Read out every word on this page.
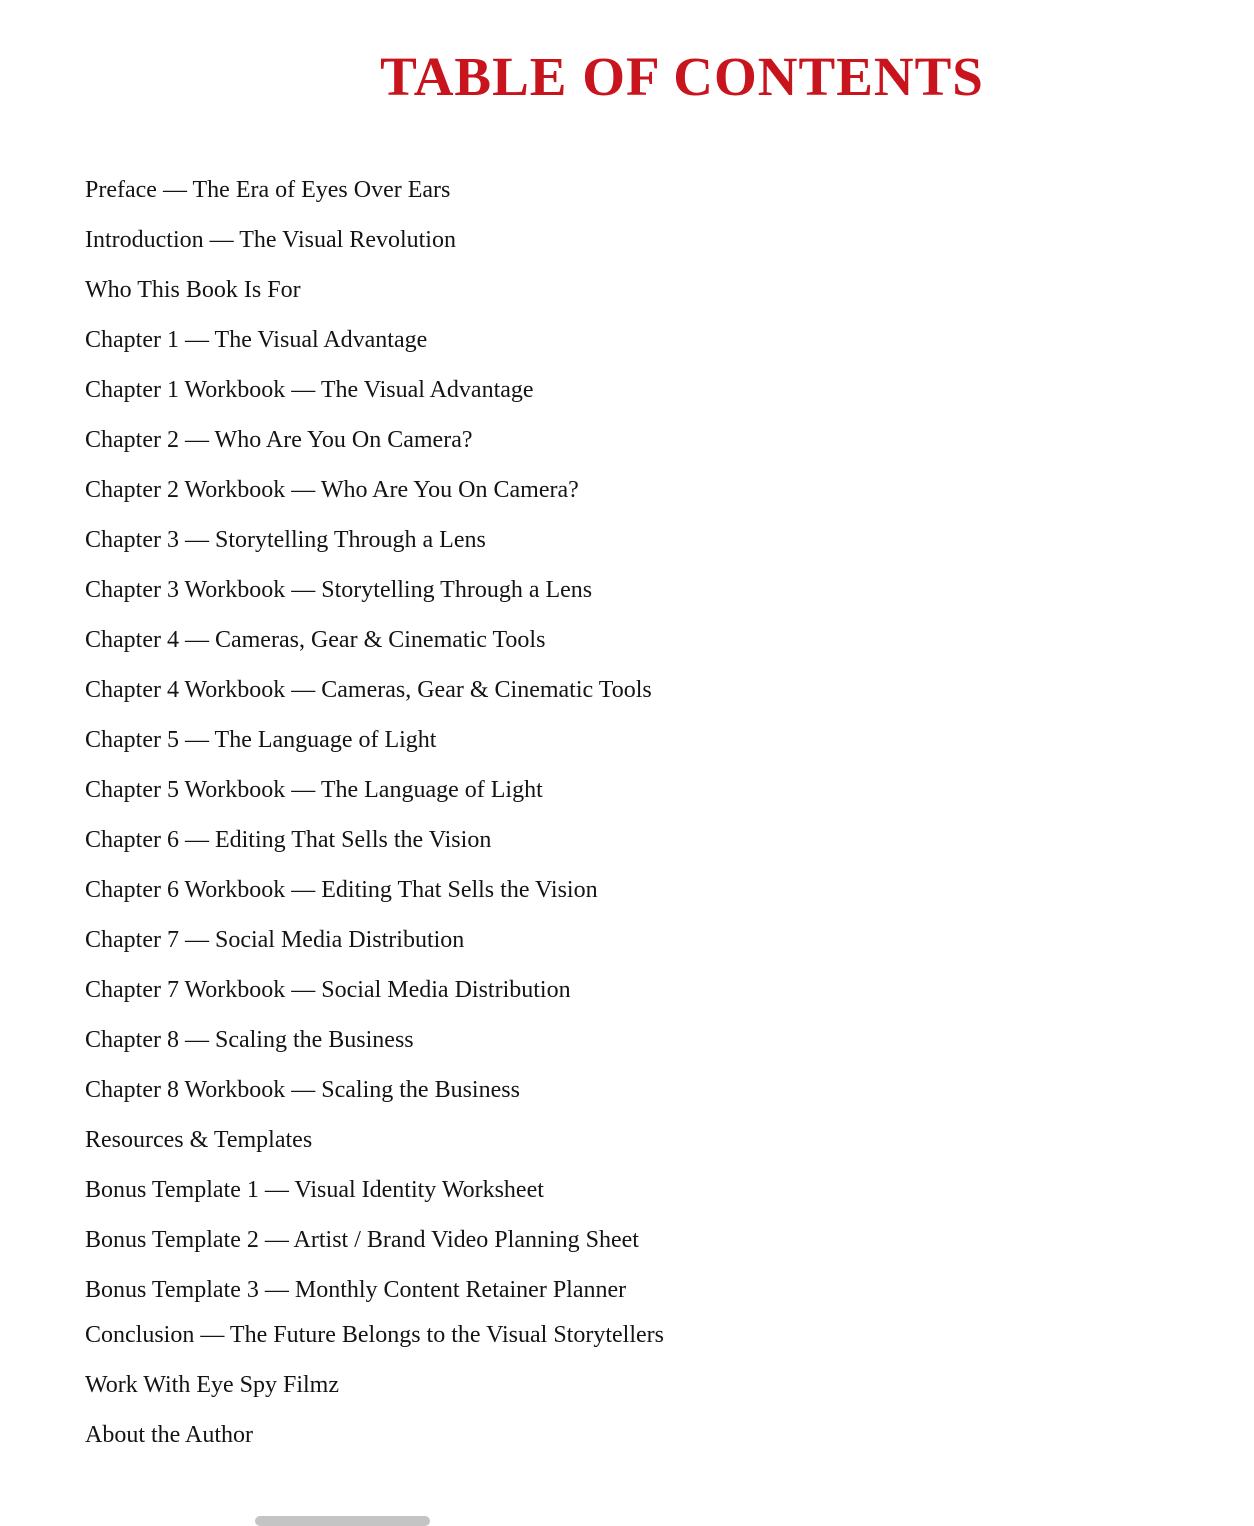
TABLE OF CONTENTS
Preface — The Era of Eyes Over Ears
Introduction — The Visual Revolution
Who This Book Is For
Chapter 1 — The Visual Advantage
Chapter 1 Workbook — The Visual Advantage
Chapter 2 — Who Are You On Camera?
Chapter 2 Workbook — Who Are You On Camera?
Chapter 3 — Storytelling Through a Lens
Chapter 3 Workbook — Storytelling Through a Lens
Chapter 4 — Cameras, Gear & Cinematic Tools
Chapter 4 Workbook — Cameras, Gear & Cinematic Tools
Chapter 5 — The Language of Light
Chapter 5 Workbook — The Language of Light
Chapter 6 — Editing That Sells the Vision
Chapter 6 Workbook — Editing That Sells the Vision
Chapter 7 — Social Media Distribution
Chapter 7 Workbook — Social Media Distribution
Chapter 8 — Scaling the Business
Chapter 8 Workbook — Scaling the Business
Resources & Templates
Bonus Template 1 — Visual Identity Worksheet
Bonus Template 2 — Artist / Brand Video Planning Sheet
Bonus Template 3 — Monthly Content Retainer Planner
Conclusion — The Future Belongs to the Visual Storytellers
Work With Eye Spy Filmz
About the Author
